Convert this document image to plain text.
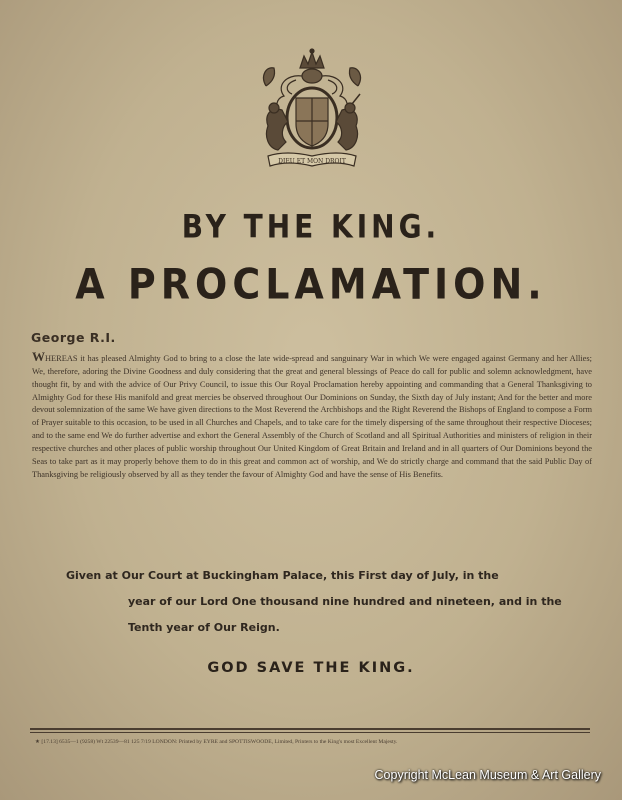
DIEU ET MON DROIT
BY THE KING.
A PROCLAMATION.
George R.I.
WHEREAS it has pleased Almighty God to bring to a close the late wide-spread and sanguinary War in which We were engaged against Germany and her Allies; We, therefore, adoring the Divine Goodness and duly considering that the great and general blessings of Peace do call for public and solemn acknowledgment, have thought fit, by and with the advice of Our Privy Council, to issue this Our Royal Proclamation hereby appointing and commanding that a General Thanksgiving to Almighty God for these His manifold and great mercies be observed throughout Our Dominions on Sunday, the Sixth day of July instant; And for the better and more devout solemnization of the same We have given directions to the Most Reverend the Archbishops and the Right Reverend the Bishops of England to compose a Form of Prayer suitable to this occasion, to be used in all Churches and Chapels, and to take care for the timely dispersing of the same throughout their respective Dioceses; and to the same end We do further advertise and exhort the General Assembly of the Church of Scotland and all Spiritual Authorities and ministers of religion in their respective churches and other places of public worship throughout Our United Kingdom of Great Britain and Ireland and in all quarters of Our Dominions beyond the Seas to take part as it may properly behove them to do in this great and common act of worship, and We do strictly charge and command that the said Public Day of Thanksgiving be religiously observed by all as they tender the favour of Almighty God and have the sense of His Benefits.
Given at Our Court at Buckingham Palace, this First day of July, in the
year of our Lord One thousand nine hundred and nineteen, and in the
Tenth year of Our Reign.
GOD SAVE THE KING.
★ [17.13] 6535—1 (9258) Wt 22539—81 125 7/19 LONDON: Printed by EYRE and SPOTTISWOODE, Limited, Printers to the King's most Excellent Majesty.
Copyright McLean Museum & Art Gallery
